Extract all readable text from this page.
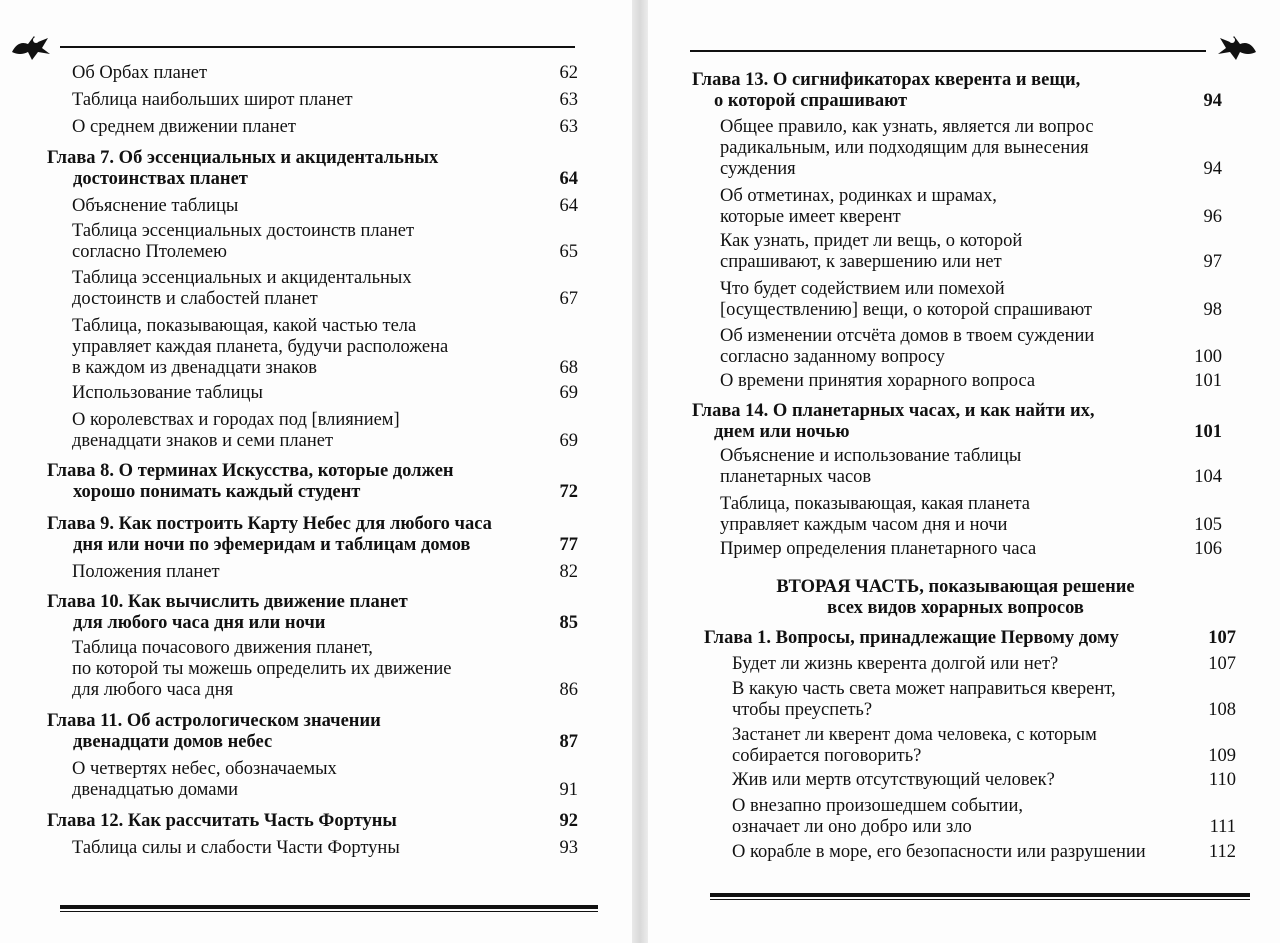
Об Орбах планет	62
Таблица наибольших широт планет	63
О среднем движении планет	63
Глава 7. Об эссенциальных и акцидентальных
достоинствах планет	64
Объяснение таблицы	64
Таблица эссенциальных достоинств планет
согласно Птолемею	65
Таблица эссенциальных и акцидентальных
достоинств и слабостей планет	67
Таблица, показывающая, какой частью тела
управляет каждая планета, будучи расположена
в каждом из двенадцати знаков	68
Использование таблицы	69
О королевствах и городах под [влиянием]
двенадцати знаков и семи планет	69
Глава 8. О терминах Искусства, которые должен
хорошо понимать каждый студент	72
Глава 9. Как построить Карту Небес для любого часа
дня или ночи по эфемеридам и таблицам домов	77
Положения планет	82
Глава 10. Как вычислить движение планет
для любого часа дня или ночи	85
Таблица почасового движения планет,
по которой ты можешь определить их движение
для любого часа дня	86
Глава 11. Об астрологическом значении
двенадцати домов небес	87
О четвертях небес, обозначаемых
двенадцатью домами	91
Глава 12. Как рассчитать Часть Фортуны	92
Таблица силы и слабости Части Фортуны	93
Глава 13. О сигнификаторах кверента и вещи,
о которой спрашивают	94
Общее правило, как узнать, является ли вопрос
радикальным, или подходящим для вынесения
суждения	94
Об отметинах, родинках и шрамах,
которые имеет кверент	96
Как узнать, придет ли вещь, о которой
спрашивают, к завершению или нет	97
Что будет содействием или помехой
[осуществлению] вещи, о которой спрашивают	98
Об изменении отсчёта домов в твоем суждении
согласно заданному вопросу	100
О времени принятия хорарного вопроса	101
Глава 14. О планетарных часах, и как найти их,
днем или ночью	101
Объяснение и использование таблицы
планетарных часов	104
Таблица, показывающая, какая планета
управляет каждым часом дня и ночи	105
Пример определения планетарного часа	106
ВТОРАЯ ЧАСТЬ, показывающая решение
всех видов хорарных вопросов
Глава 1. Вопросы, принадлежащие Первому дому	107
Будет ли жизнь кверента долгой или нет?	107
В какую часть света может направиться кверент,
чтобы преуспеть?	108
Застанет ли кверент дома человека, с которым
собирается поговорить?	109
Жив или мертв отсутствующий человек?	110
О внезапно произошедшем событии,
означает ли оно добро или зло	111
О корабле в море, его безопасности или разрушении	112
